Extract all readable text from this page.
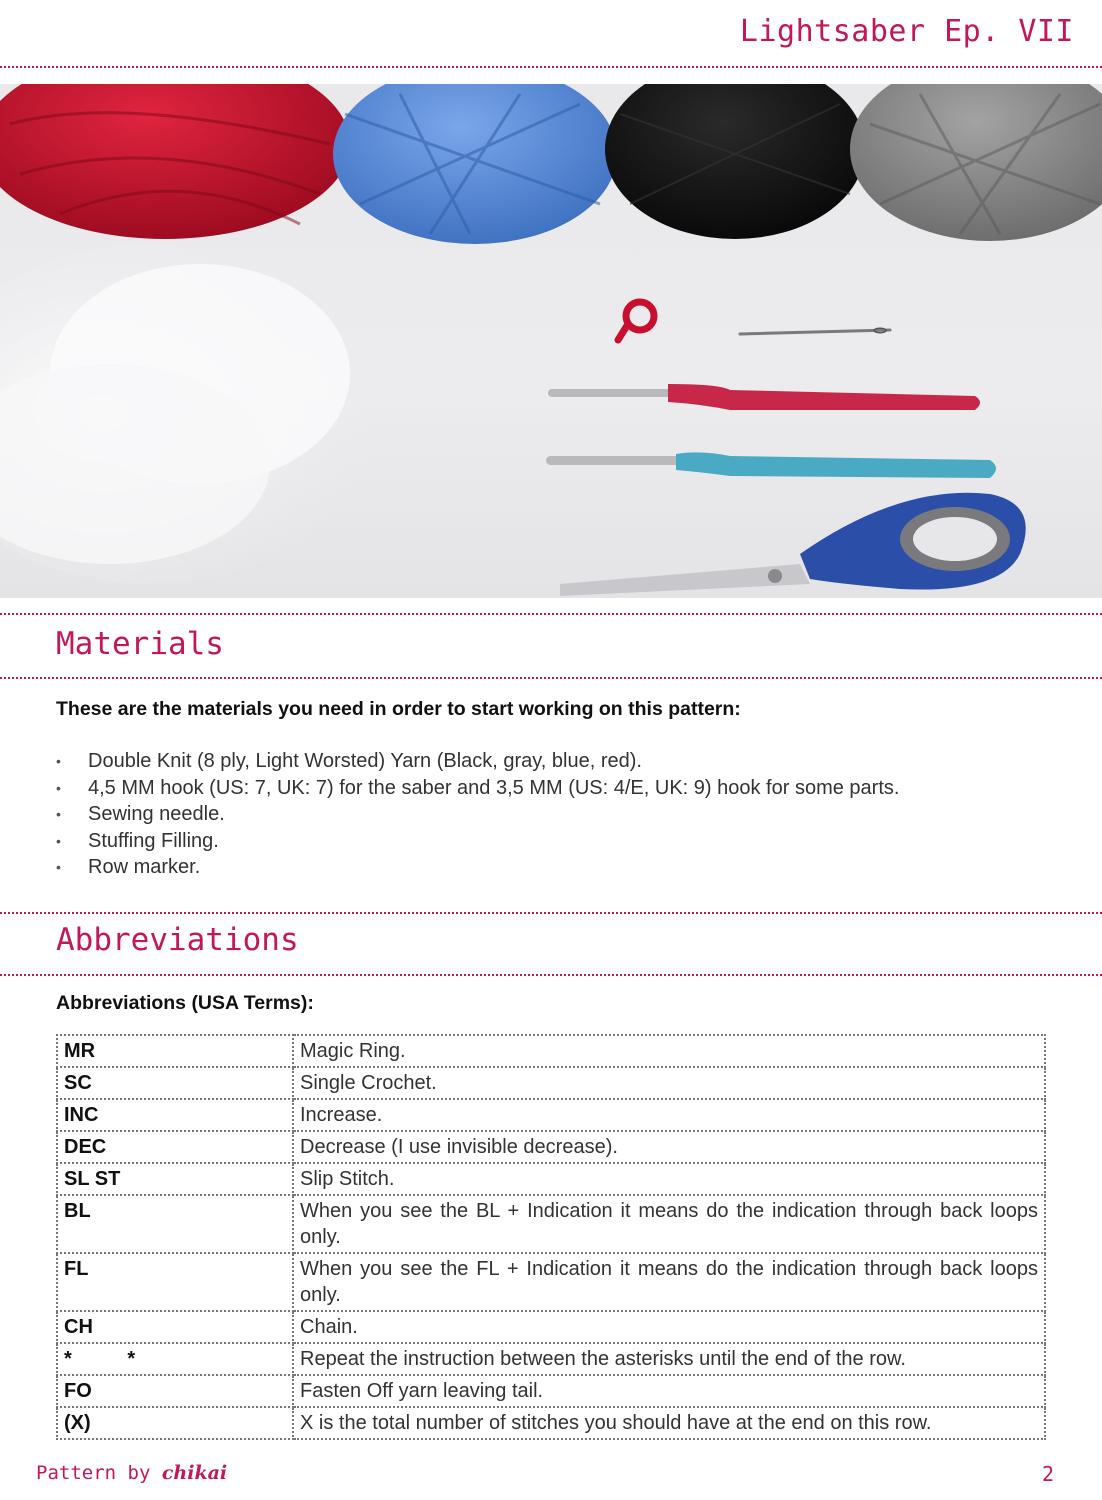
Lightsaber Ep. VII
Materials
These are the materials you need in order to start working on this pattern:
• Double Knit (8 ply, Light Worsted) Yarn (Black, gray, blue, red).
• 4,5 MM hook (US: 7, UK: 7) for the saber and 3,5 MM (US: 4/E, UK: 9) hook for some parts.
• Sewing needle.
• Stuffing Filling.
• Row marker.
Abbreviations
Abbreviations (USA Terms):
MR	Magic Ring.
SC	Single Crochet.
INC	Increase.
DEC	Decrease (I use invisible decrease).
SL ST	Slip Stitch.
BL	When you see the BL + Indication it means do the indication through back loops only.
FL	When you see the FL + Indication it means do the indication through back loops only.
CH	Chain.
*          *	Repeat the instruction between the asterisks until the end of the row.
FO	Fasten Off yarn leaving tail.
(X)	X is the total number of stitches you should have at the end on this row.
Pattern by chikai	2
